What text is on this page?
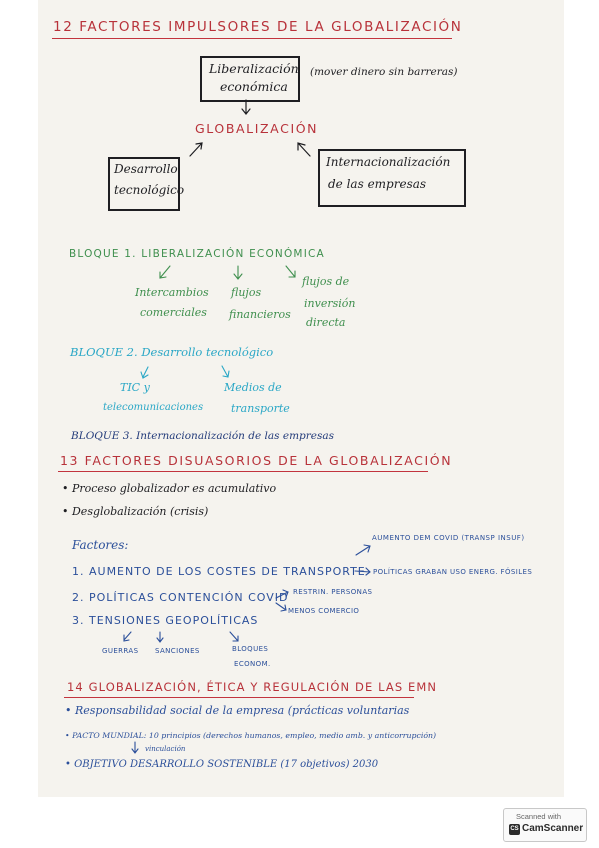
12 FACTORES IMPULSORES DE LA GLOBALIZACIÓN
Liberalización
económica
(mover dinero sin barreras)
GLOBALIZACIÓN
Desarrollo
tecnológico
Internacionalización
de las empresas
BLOQUE 1. LIBERALIZACIÓN ECONÓMICA
Intercambios
comerciales
flujos
financieros
flujos de
inversión
directa
BLOQUE 2. Desarrollo tecnológico
TIC y
telecomunicaciones
Medios de
transporte
BLOQUE 3. Internacionalización de las empresas
13 FACTORES DISUASORIOS DE LA GLOBALIZACIÓN
• Proceso globalizador es acumulativo
• Desglobalización (crisis)
Factores:	AUMENTO DEM COVID (TRANSP INSUF)
1. AUMENTO DE LOS COSTES DE TRANSPORTE POLÍTICAS GRABAN USO ENERG. FÓSILES
2. POLÍTICAS CONTENCIÓN COVID RESTRIN. PERSONAS
MENOS COMERCIO
3. TENSIONES GEOPOLÍTICAS
GUERRAS SANCIONES	BLOQUES
ECONOM.
14 GLOBALIZACIÓN, ÉTICA Y REGULACIÓN DE LAS EMN
• Responsabilidad social de la empresa (prácticas voluntarias
• PACTO MUNDIAL: 10 principios (derechos humanos, empleo, medio amb. y anticorrupción)
vinculación
• OBJETIVO DESARROLLO SOSTENIBLE (17 objetivos) 2030
Scanned with
CS CamScanner
